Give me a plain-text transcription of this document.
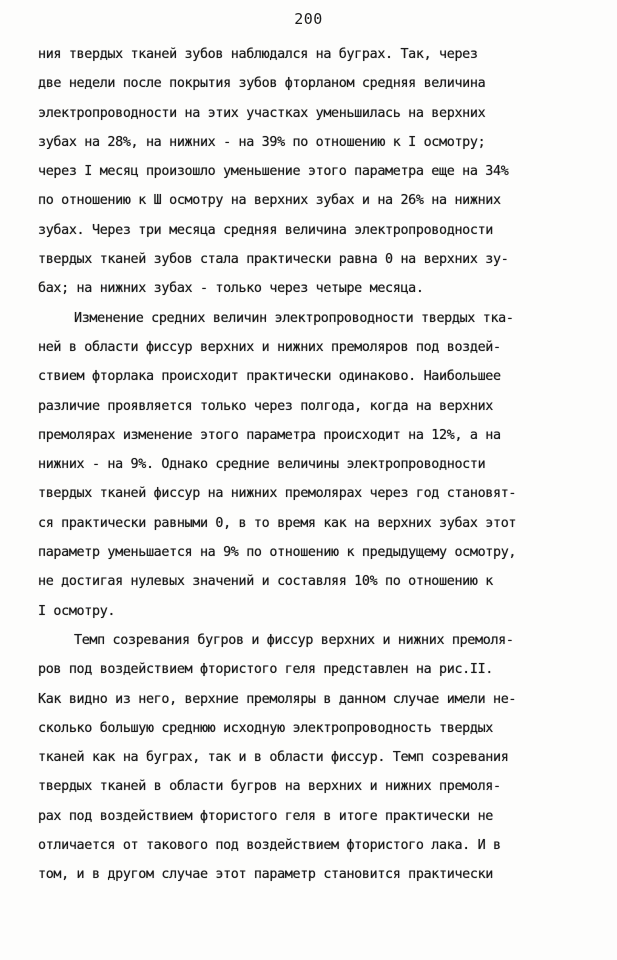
200
ния твердых тканей зубов наблюдался на буграх. Так, через
две недели после покрытия зубов фторланом средняя величина
электропроводности на этих участках уменьшилась на верхних
зубах на 28%, на нижних - на 39% по отношению к I осмотру;
через I месяц произошло уменьшение этого параметра еще на 34%
по отношению к Ш осмотру на верхних зубах и на 26% на нижних
зубах. Через три месяца средняя величина электропроводности
твердых тканей зубов стала практически равна 0 на верхних зу-
бах; на нижних зубах - только через четыре месяца.
Изменение средних величин электропроводности твердых тка-
ней в области фиссур верхних и нижних премоляров под воздей-
ствием фторлака происходит практически одинаково. Наибольшее
различие проявляется только через полгода, когда на верхних
премолярах изменение этого параметра происходит на 12%, а на
нижних - на 9%. Однако средние величины электропроводности
твердых тканей фиссур на нижних премолярах через год становят-
ся практически равными 0, в то время как на верхних зубах этот
параметр уменьшается на 9% по отношению к предыдущему осмотру,
не достигая нулевых значений и составляя 10% по отношению к
I осмотру.
Темп созревания бугров и фиссур верхних и нижних премоля-
ров под воздействием фтористого геля представлен на рис.II.
Как видно из него, верхние премоляры в данном случае имели не-
сколько большую среднюю исходную электропроводность твердых
тканей как на буграх, так и в области фиссур. Темп созревания
твердых тканей в области бугров на верхних и нижних премоля-
рах под воздействием фтористого геля в итоге практически не
отличается от такового под воздействием фтористого лака. И в
том, и в другом случае этот параметр становится практически
